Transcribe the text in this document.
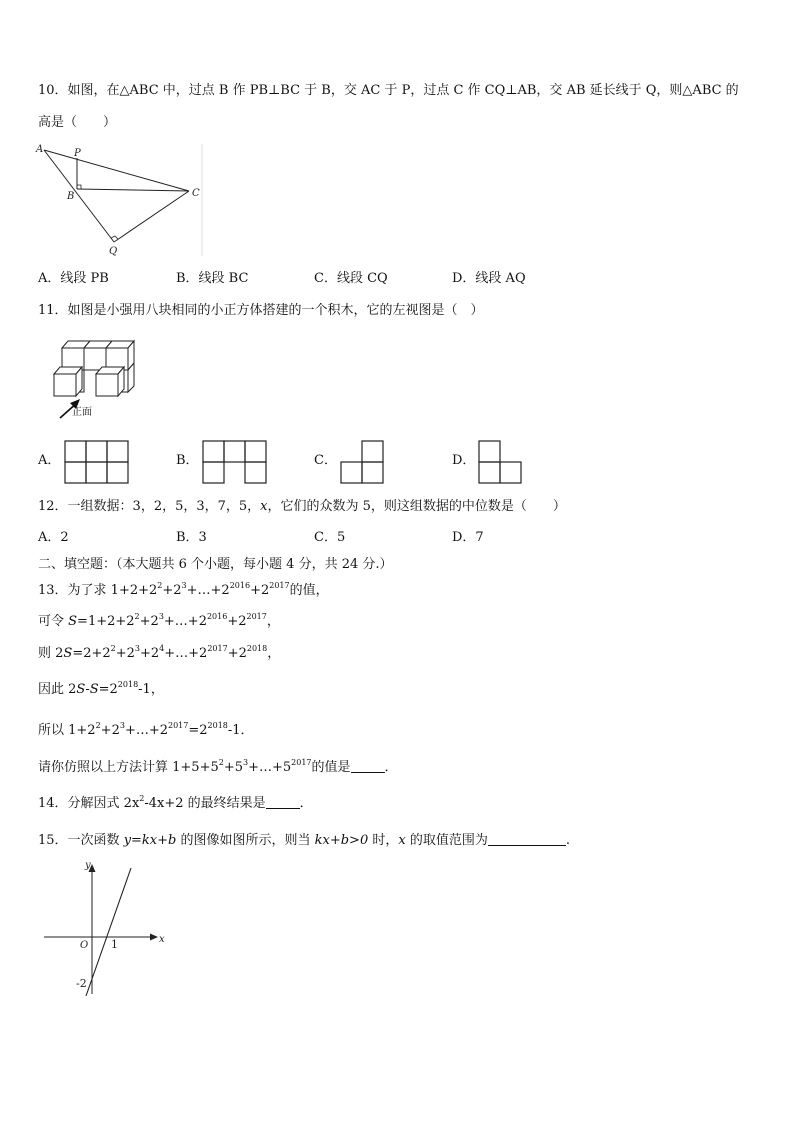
10．如图，在△ABC 中，过点 B 作 PB⊥BC 于 B，交 AC 于 P，过点 C 作 CQ⊥AB，交 AB 延长线于 Q，则△ABC 的
高是（　　）
A	P
B	C
Q
A．线段 PB	B．线段 BC	C．线段 CQ	D．线段 AQ
11．如图是小强用八块相同的小正方体搭建的一个积木，它的左视图是（　）
正面
A．	B．	C．	D．
12．一组数据：3，2，5，3，7，5，x，它们的众数为 5，则这组数据的中位数是（　　）
A．2	B．3	C．5	D．7
二、填空题：（本大题共 6 个小题，每小题 4 分，共 24 分.）
13．为了求 $1+2+2^2+2^3+\dots+2^{2016}+2^{2017}$的值，
可令 $S=1+2+2^2+2^3+\dots+2^{2016}+2^{2017}$，
则 $2S=2+2^2+2^3+2^4+\dots+2^{2017}+2^{2018}$，
因此 $2S-S=2^{2018}-1$，
所以 $1+2^2+2^3+\dots+2^{2017}=2^{2018}-1$．
请你仿照以上方法计算 $1+5+5^2+5^3+\dots+5^{2017}$的值是	．
14．分解因式 $2x^2-4x+2$ 的最终结果是	．
15．一次函数 y=kx+b 的图像如图所示，则当 kx+b>0 时，x 的取值范围为	.
y
x
O 1
-2
